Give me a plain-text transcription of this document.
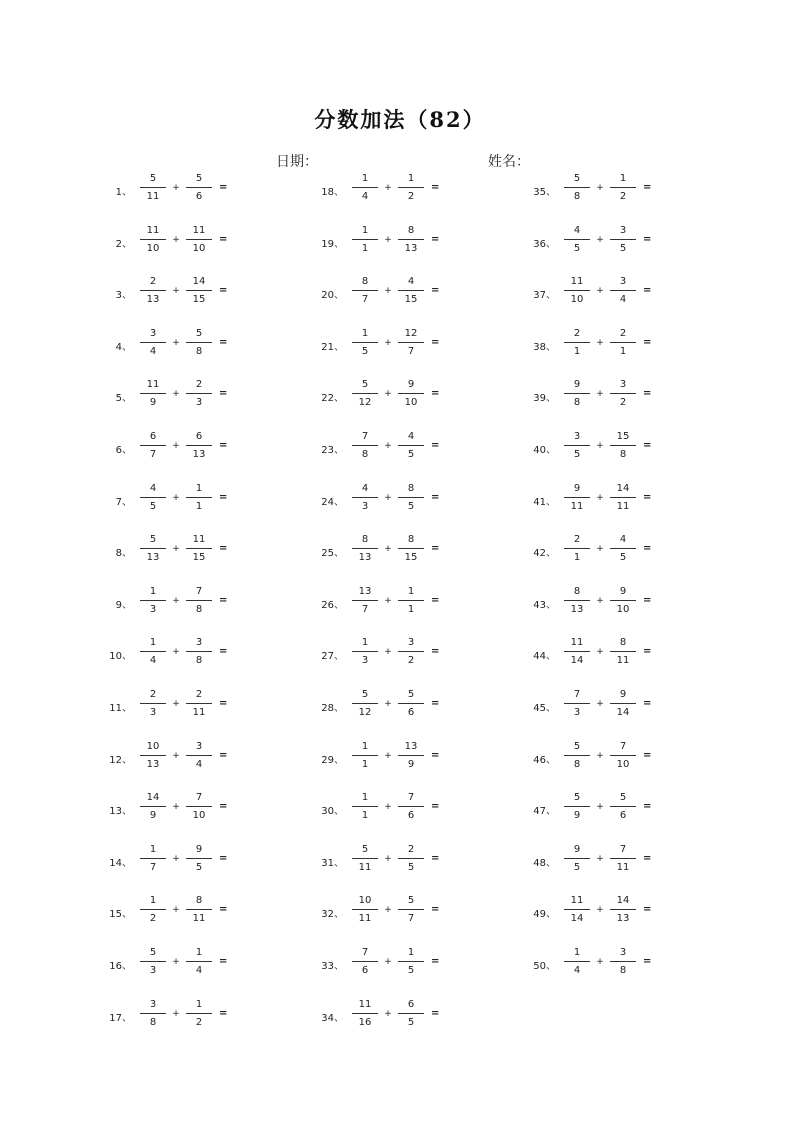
分数加法（82）
日期：	姓名：
1、
5
11
+
5
6
=
2、
11
10
+
11
10
=
3、
2
13
+
14
15
=
4、
3
4
+
5
8
=
5、
11
9
+
2
3
=
6、
6
7
+
6
13
=
7、
4
5
+
1
1
=
8、
5
13
+
11
15
=
9、
1
3
+
7
8
=
10、
1
4
+
3
8
=
11、
2
3
+
2
11
=
12、
10
13
+
3
4
=
13、
14
9
+
7
10
=
14、
1
7
+
9
5
=
15、
1
2
+
8
11
=
16、
5
3
+
1
4
=
17、
3
8
+
1
2
=
18、
1
4
+
1
2
=
19、
1
1
+
8
13
=
20、
8
7
+
4
15
=
21、
1
5
+
12
7
=
22、
5
12
+
9
10
=
23、
7
8
+
4
5
=
24、
4
3
+
8
5
=
25、
8
13
+
8
15
=
26、
13
7
+
1
1
=
27、
1
3
+
3
2
=
28、
5
12
+
5
6
=
29、
1
1
+
13
9
=
30、
1
1
+
7
6
=
31、
5
11
+
2
5
=
32、
10
11
+
5
7
=
33、
7
6
+
1
5
=
34、
11
16
+
6
5
=
35、
5
8
+
1
2
=
36、
4
5
+
3
5
=
37、
11
10
+
3
4
=
38、
2
1
+
2
1
=
39、
9
8
+
3
2
=
40、
3
5
+
15
8
=
41、
9
11
+
14
11
=
42、
2
1
+
4
5
=
43、
8
13
+
9
10
=
44、
11
14
+
8
11
=
45、
7
3
+
9
14
=
46、
5
8
+
7
10
=
47、
5
9
+
5
6
=
48、
9
5
+
7
11
=
49、
11
14
+
14
13
=
50、
1
4
+
3
8
=
